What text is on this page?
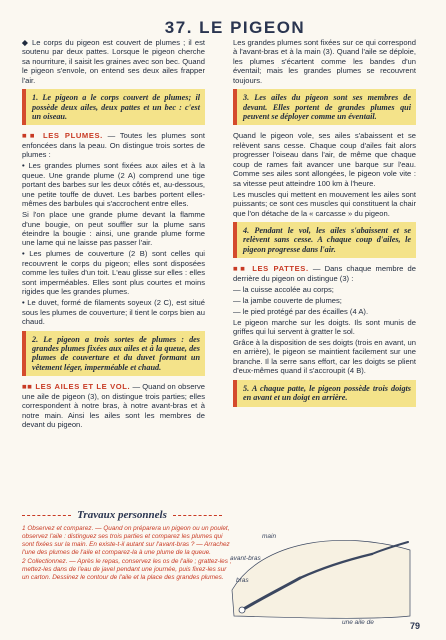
37. LE PIGEON

◆ Le corps du pigeon est couvert de plumes ; il est soutenu par deux pattes. Lorsque le pigeon cherche sa nourriture, il saisit les graines avec son bec. Quand le pigeon s'envole, on entend ses deux ailes frapper l'air.

1. Le pigeon a le corps couvert de plumes; il possède deux ailes, deux pattes et un bec : c'est un oiseau.

■■ LES PLUMES. — Toutes les plumes sont enfoncées dans la peau. On distingue trois sortes de plumes :

• Les grandes plumes sont fixées aux ailes et à la queue. Une grande plume (2 A) comprend une tige portant des barbes sur les deux côtés et, au-dessous, une petite touffe de duvet. Les barbes portent elles-mêmes des barbules qui s'accrochent entre elles.

Si l'on place une grande plume devant la flamme d'une bougie, on peut souffler sur la plume sans éteindre la bougie : ainsi, une grande plume forme une lame qui ne laisse pas passer l'air.

• Les plumes de couverture (2 B) sont celles qui recouvrent le corps du pigeon; elles sont disposées comme les tuiles d'un toit. L'eau glisse sur elles : elles sont imperméables. Elles sont plus courtes et moins rigides que les grandes plumes.

• Le duvet, formé de filaments soyeux (2 C), est situé sous les plumes de couverture; il tient le corps bien au chaud.

2. Le pigeon a trois sortes de plumes : des grandes plumes fixées aux ailes et à la queue, des plumes de couverture et du duvet formant un vêtement léger, imperméable et chaud.

■■ LES AILES ET LE VOL. — Quand on observe une aile de pigeon (3), on distingue trois parties; elles correspondent à notre bras, à notre avant-bras et à notre main. Ainsi les ailes sont les membres de devant du pigeon.

Les grandes plumes sont fixées sur ce qui correspond à l'avant-bras et à la main (3). Quand l'aile se déploie, les plumes s'écartent comme les bandes d'un éventail; mais les grandes plumes se recouvrent toujours.

3. Les ailes du pigeon sont ses membres de devant. Elles portent de grandes plumes qui peuvent se déployer comme un éventail.

Quand le pigeon vole, ses ailes s'abaissent et se relèvent sans cesse. Chaque coup d'ailes fait alors progresser l'oiseau dans l'air, de même que chaque coup de rames fait avancer une barque sur l'eau. Comme ses ailes sont allongées, le pigeon vole vite : sa vitesse peut atteindre 100 km à l'heure.

Les muscles qui mettent en mouvement les ailes sont puissants; ce sont ces muscles qui constituent la chair que l'on détache de la « carcasse » du pigeon.

4. Pendant le vol, les ailes s'abaissent et se relèvent sans cesse. A chaque coup d'ailes, le pigeon progresse dans l'air.

■■ LES PATTES. — Dans chaque membre de derrière du pigeon on distingue (3) :

— la cuisse accolée au corps;

— la jambe couverte de plumes;

— le pied protégé par des écailles (4 A).

Le pigeon marche sur les doigts. Ils sont munis de griffes qui lui servent à gratter le sol.

Grâce à la disposition de ses doigts (trois en avant, un en arrière), le pigeon se maintient facilement sur une branche. Il la serre sans effort, car les doigts se plient d'eux-mêmes quand il s'accroupit (4 B).

5. A chaque patte, le pigeon possède trois doigts en avant et un doigt en arrière.
Travaux personnels

1 Observez et comparez. — Quand on préparera un pigeon ou un poulet, observez l'aile : distinguez ses trois parties et comparez les plumes qui sont fixées sur la main. En existe-t-il autant sur l'avant-bras ? — Arrachez l'une des plumes de l'aile et comparez-la à une plume de la queue.

2 Collectionnez. — Après le repas, conservez les os de l'aile ; grattez-les ; mettez-les dans de l'eau de javel pendant une journée, puis fixez-les sur un carton. Dessinez le contour de l'aile et la place des grandes plumes.

main
avant-bras
bras
une aile de	79
